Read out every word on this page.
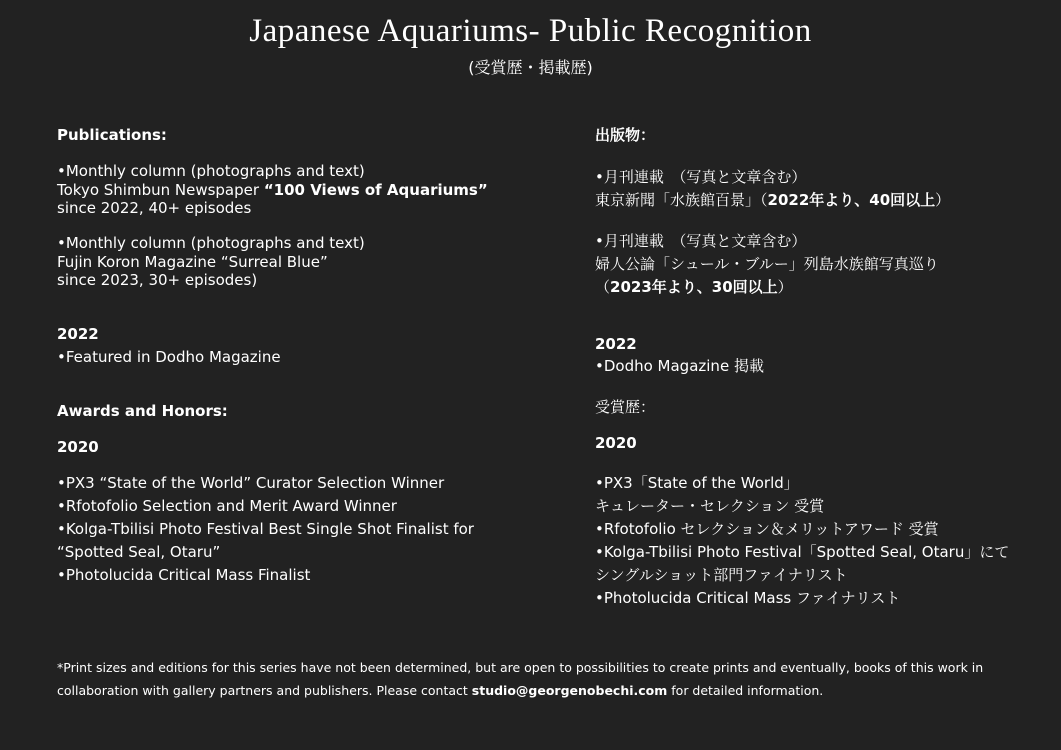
Japanese Aquariums- Public Recognition
(受賞歴・掲載歴)
Publications:
•Monthly column (photographs and text)
Tokyo Shimbun Newspaper “100 Views of Aquariums”
since 2022, 40+ episodes
•Monthly column (photographs and text)
Fujin Koron Magazine “Surreal Blue”
since 2023, 30+ episodes)
2022
•Featured in Dodho Magazine
Awards and Honors:
2020
•PX3 “State of the World” Curator Selection Winner
•Rfotofolio Selection and Merit Award Winner
•Kolga-Tbilisi Photo Festival Best Single Shot Finalist for
“Spotted Seal, Otaru”
•Photolucida Critical Mass Finalist
出版物：
•月刊連載　（写真と文章含む）
東京新聞「水族館百景」（2022年より、40回以上）
•月刊連載　（写真と文章含む）
婦人公論「シュール・ブルー」列島水族館写真巡り
（2023年より、30回以上）
2022
•Dodho Magazine 掲載
受賞歴：
2020
•PX3「State of the World」
キュレーター・セレクション 受賞
•Rfotofolio セレクション＆メリットアワード 受賞
•Kolga-Tbilisi Photo Festival「Spotted Seal, Otaru」にて
シングルショット部門ファイナリスト
•Photolucida Critical Mass ファイナリスト
*Print sizes and editions for this series have not been determined, but are open to possibilities to create prints and eventually, books of this work in collaboration with gallery partners and publishers. Please contact studio@georgenobechi.com for detailed information.
